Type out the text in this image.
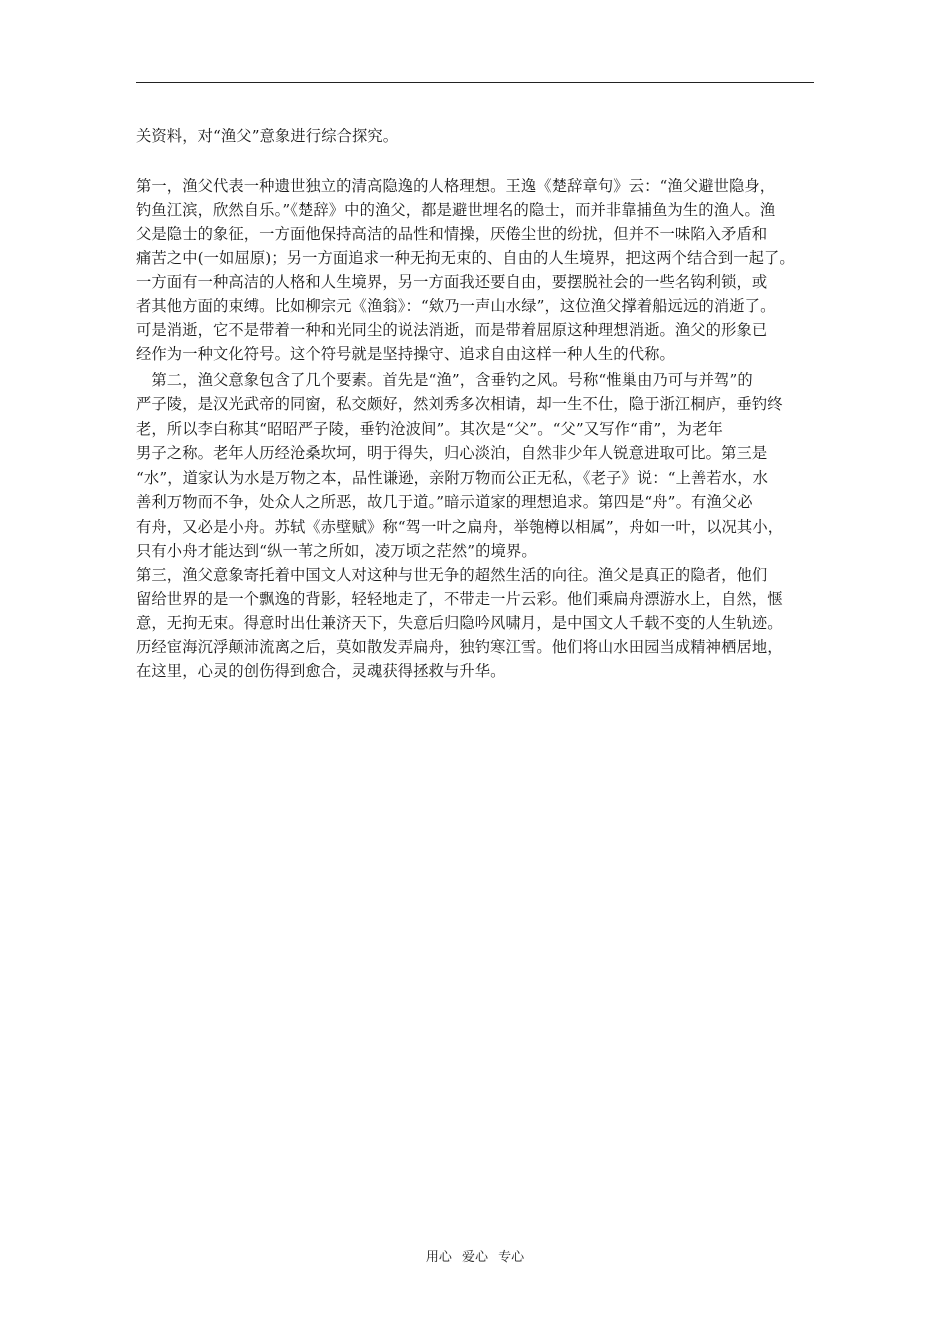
关资料，对“渔父”意象进行综合探究。
第一，渔父代表一种遗世独立的清高隐逸的人格理想。王逸《楚辞章句》云：“渔父避世隐身，
钓鱼江滨，欣然自乐。”《楚辞》中的渔父，都是避世埋名的隐士，而并非靠捕鱼为生的渔人。渔
父是隐士的象征，一方面他保持高洁的品性和情操，厌倦尘世的纷扰，但并不一味陷入矛盾和
痛苦之中(一如屈原)；另一方面追求一种无拘无束的、自由的人生境界，把这两个结合到一起了。
一方面有一种高洁的人格和人生境界，另一方面我还要自由，要摆脱社会的一些名钩利锁，或
者其他方面的束缚。比如柳宗元《渔翁》：“欸乃一声山水绿”，这位渔父撑着船远远的消逝了。
可是消逝，它不是带着一种和光同尘的说法消逝，而是带着屈原这种理想消逝。渔父的形象已
经作为一种文化符号。这个符号就是坚持操守、追求自由这样一种人生的代称。
　第二，渔父意象包含了几个要素。首先是“渔”，含垂钓之风。号称“惟巢由乃可与并驾”的
严子陵，是汉光武帝的同窗，私交颇好，然刘秀多次相请，却一生不仕，隐于浙江桐庐，垂钓终
老，所以李白称其“昭昭严子陵，垂钓沧波间”。其次是“父”。“父”又写作“甫”，为老年
男子之称。老年人历经沧桑坎坷，明于得失，归心淡泊，自然非少年人锐意进取可比。第三是
“水”，道家认为水是万物之本，品性谦逊，亲附万物而公正无私，《老子》说：“上善若水，水
善利万物而不争，处众人之所恶，故几于道。”暗示道家的理想追求。第四是“舟”。有渔父必
有舟，又必是小舟。苏轼《赤壁赋》称“驾一叶之扁舟，举匏樽以相属”，舟如一叶，以况其小，
只有小舟才能达到“纵一苇之所如，凌万顷之茫然”的境界。
第三，渔父意象寄托着中国文人对这种与世无争的超然生活的向往。渔父是真正的隐者，他们
留给世界的是一个飘逸的背影，轻轻地走了，不带走一片云彩。他们乘扁舟漂游水上，自然，惬
意，无拘无束。得意时出仕兼济天下，失意后归隐吟风啸月，是中国文人千载不变的人生轨迹。
历经宦海沉浮颠沛流离之后，莫如散发弄扁舟，独钓寒江雪。他们将山水田园当成精神栖居地，
在这里，心灵的创伤得到愈合，灵魂获得拯救与升华。
用心 爱心 专心
